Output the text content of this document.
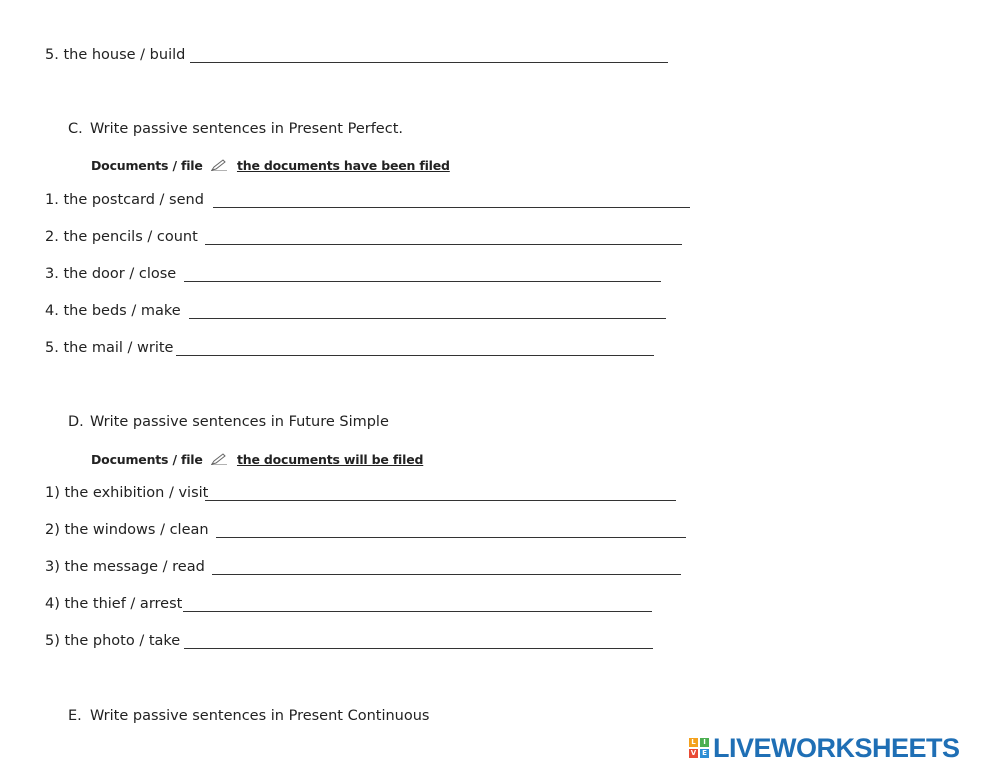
5. the house / build
C. Write passive sentences in Present Perfect.
Documents / file	the documents have been filed
1. the postcard / send
2. the pencils / count
3. the door / close
4. the beds / make
5. the mail / write
D. Write passive sentences in Future Simple
Documents / file	the documents will be filed
1) the exhibition / visit
2) the windows / clean
3) the message / read
4) the thief / arrest
5) the photo / take
E. Write passive sentences in Present Continuous
L	I
V E LIVEWORKSHEETS
